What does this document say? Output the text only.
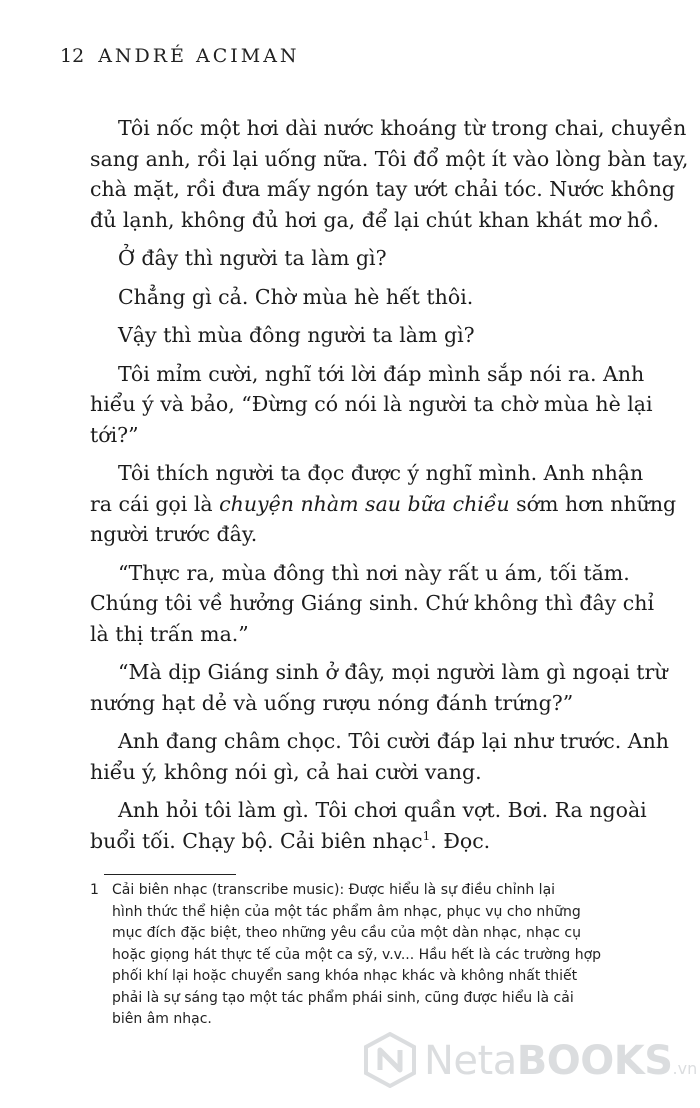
12 ANDRÉ ACIMAN

Tôi nốc một hơi dài nước khoáng từ trong chai, chuyền
sang anh, rồi lại uống nữa. Tôi đổ một ít vào lòng bàn tay,
chà mặt, rồi đưa mấy ngón tay ướt chải tóc. Nước không
đủ lạnh, không đủ hơi ga, để lại chút khan khát mơ hồ.

Ở đây thì người ta làm gì?

Chẳng gì cả. Chờ mùa hè hết thôi.

Vậy thì mùa đông người ta làm gì?

Tôi mỉm cười, nghĩ tới lời đáp mình sắp nói ra. Anh
hiểu ý và bảo, “Đừng có nói là người ta chờ mùa hè lại
tới?”

Tôi thích người ta đọc được ý nghĩ mình. Anh nhận
ra cái gọi là chuyện nhàm sau bữa chiều sớm hơn những
người trước đây.

“Thực ra, mùa đông thì nơi này rất u ám, tối tăm.
Chúng tôi về hưởng Giáng sinh. Chứ không thì đây chỉ
là thị trấn ma.”

“Mà dịp Giáng sinh ở đây, mọi người làm gì ngoại trừ
nướng hạt dẻ và uống rượu nóng đánh trứng?”

Anh đang châm chọc. Tôi cười đáp lại như trước. Anh
hiểu ý, không nói gì, cả hai cười vang.

Anh hỏi tôi làm gì. Tôi chơi quần vợt. Bơi. Ra ngoài
buổi tối. Chạy bộ. Cải biên nhạc$^1$. Đọc.

1 Cải biên nhạc (transcribe music): Được hiểu là sự điều chỉnh lại
hình thức thể hiện của một tác phẩm âm nhạc, phục vụ cho những
mục đích đặc biệt, theo những yêu cầu của một dàn nhạc, nhạc cụ
hoặc giọng hát thực tế của một ca sỹ, v.v... Hầu hết là các trường hợp
phối khí lại hoặc chuyển sang khóa nhạc khác và không nhất thiết
phải là sự sáng tạo một tác phẩm phái sinh, cũng được hiểu là cải
biên âm nhạc.
NetaBOOKS.vn
